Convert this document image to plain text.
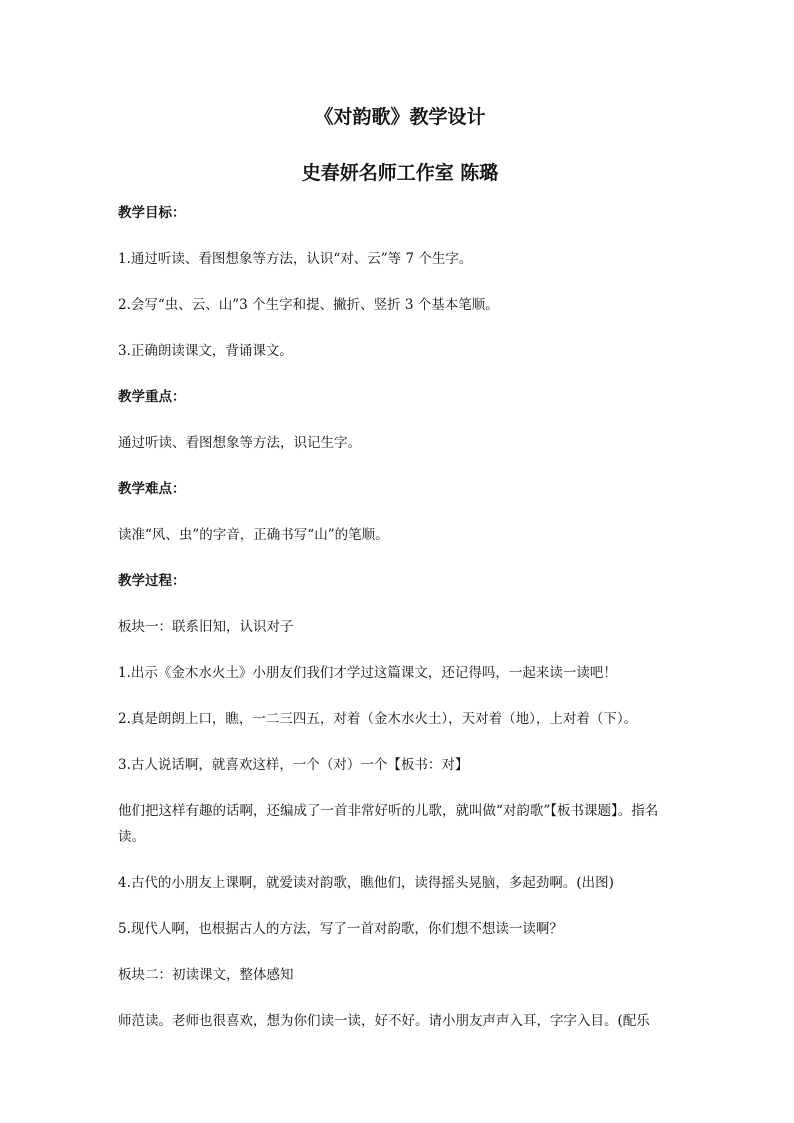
《对韵歌》教学设计

史春妍名师工作室 陈璐

教学目标：

1.通过听读、看图想象等方法，认识“对、云”等 7 个生字。

2.会写“虫、云、山”3 个生字和提、撇折、竖折 3 个基本笔顺。

3.正确朗读课文，背诵课文。

教学重点：

通过听读、看图想象等方法，识记生字。

教学难点：

读准“风、虫”的字音，正确书写“山”的笔顺。

教学过程：

板块一：联系旧知，认识对子

1.出示《金木水火土》小朋友们我们才学过这篇课文，还记得吗，一起来读一读吧！

2.真是朗朗上口，瞧，一二三四五，对着（金木水火土），天对着（地），上对着（下）。

3.古人说话啊，就喜欢这样，一个（对）一个【板书：对】

他们把这样有趣的话啊，还编成了一首非常好听的儿歌，就叫做“对韵歌”【板书课题】。指名读。

4.古代的小朋友上课啊，就爱读对韵歌，瞧他们，读得摇头晃脑，多起劲啊。(出图)

5.现代人啊，也根据古人的方法，写了一首对韵歌，你们想不想读一读啊？

板块二：初读课文，整体感知

师范读。老师也很喜欢，想为你们读一读，好不好。请小朋友声声入耳，字字入目。(配乐
